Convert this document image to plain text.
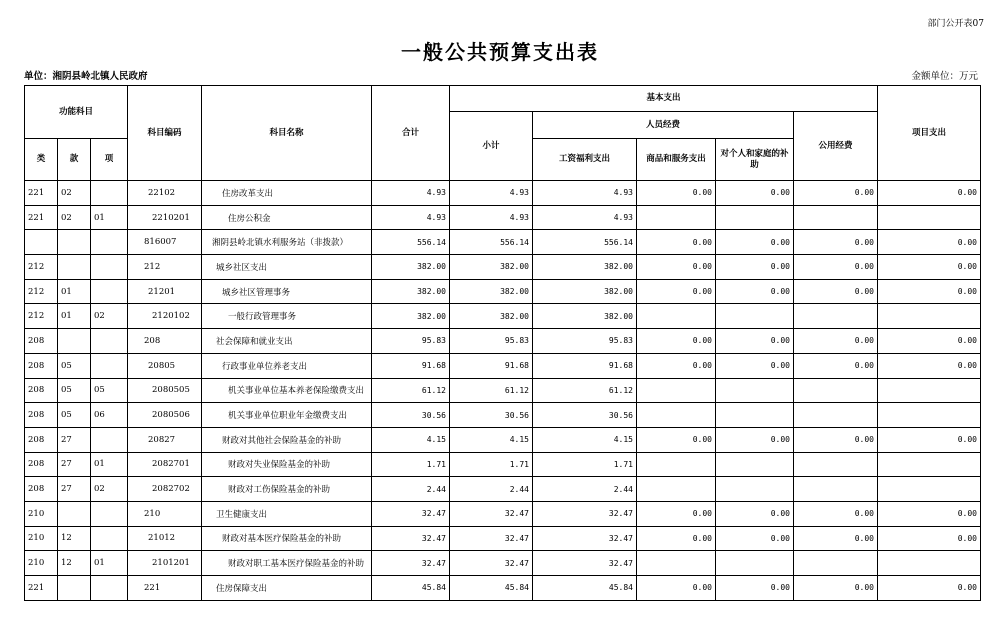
部门公开表07
一般公共预算支出表
单位：湘阴县岭北镇人民政府	金额单位：万元
功能科目			科目编码	科目名称	合计	基本支出					项目支出
						小计	人员经费			公用经费	
类	款	项					工资福利支出	商品和服务支出	对个人和家庭的补助		
221	02		22102	住房改革支出	4.93	4.93	4.93	0.00	0.00	0.00	0.00
221	02	01	2210201	住房公积金	4.93	4.93	4.93				
			816007	湘阴县岭北镇水利服务站（非拨款）	556.14	556.14	556.14	0.00	0.00	0.00	0.00
212			212	城乡社区支出	382.00	382.00	382.00	0.00	0.00	0.00	0.00
212	01		21201	城乡社区管理事务	382.00	382.00	382.00	0.00	0.00	0.00	0.00
212	01	02	2120102	一般行政管理事务	382.00	382.00	382.00				
208			208	社会保障和就业支出	95.83	95.83	95.83	0.00	0.00	0.00	0.00
208	05		20805	行政事业单位养老支出	91.68	91.68	91.68	0.00	0.00	0.00	0.00
208	05	05	2080505	机关事业单位基本养老保险缴费支出	61.12	61.12	61.12				
208	05	06	2080506	机关事业单位职业年金缴费支出	30.56	30.56	30.56				
208	27		20827	财政对其他社会保险基金的补助	4.15	4.15	4.15	0.00	0.00	0.00	0.00
208	27	01	2082701	财政对失业保险基金的补助	1.71	1.71	1.71				
208	27	02	2082702	财政对工伤保险基金的补助	2.44	2.44	2.44				
210			210	卫生健康支出	32.47	32.47	32.47	0.00	0.00	0.00	0.00
210	12		21012	财政对基本医疗保险基金的补助	32.47	32.47	32.47	0.00	0.00	0.00	0.00
210	12	01	2101201	财政对职工基本医疗保险基金的补助	32.47	32.47	32.47				
221			221	住房保障支出	45.84	45.84	45.84	0.00	0.00	0.00	0.00
